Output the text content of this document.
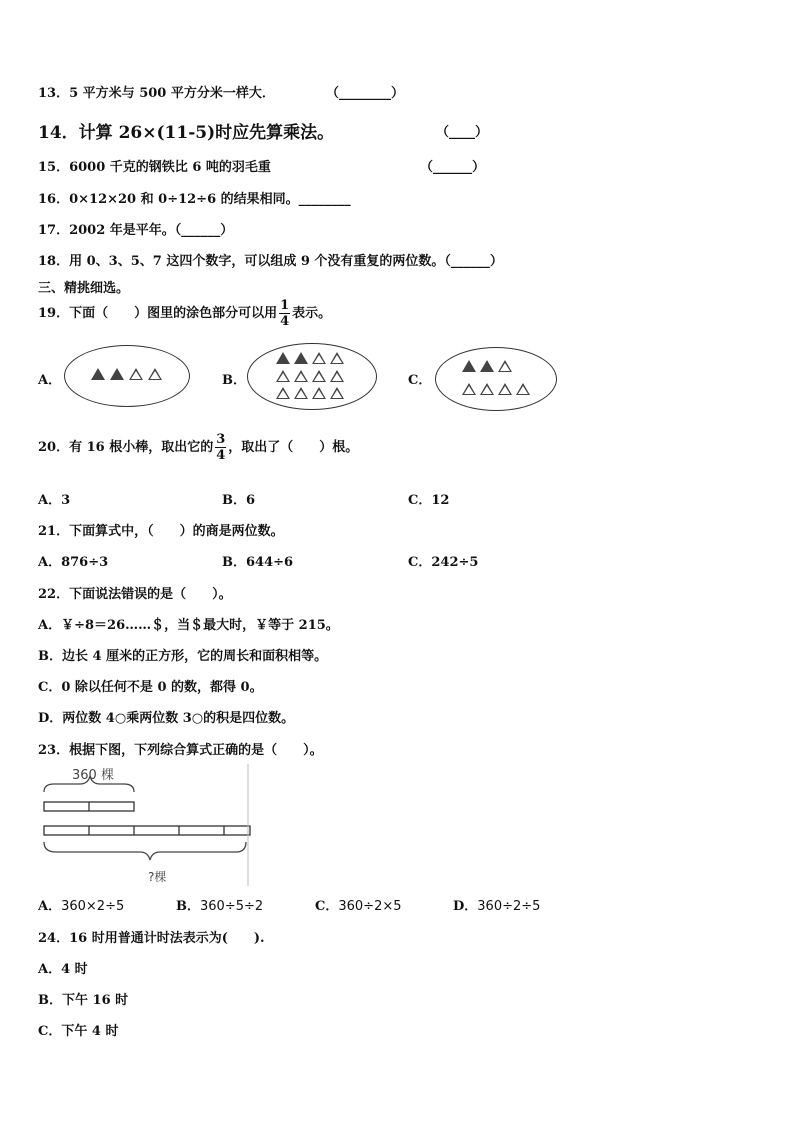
13．5 平方米与 500 平方分米一样大．	（________）
14．计算 26×(11-5)时应先算乘法。	（____）
15．6000 千克的钢铁比 6 吨的羽毛重	（______）
16．0×12×20 和 0÷12÷6 的结果相同。________
17．2002 年是平年。（______）
18．用 0、3、5、7 这四个数字，可以组成 9 个没有重复的两位数。（______）
三、精挑细选。
19．下面（　　）图里的涂色部分可以用 $\frac{1}{4}$ 表示。
A．	B．	C．
20．有 16 根小棒，取出它的 $\frac{3}{4}$ ，取出了（　　）根。
A．3	B．6	C．12
21．下面算式中，（　　）的商是两位数。
A．876÷3	B．644÷6	C．242÷5
22．下面说法错误的是（　　）。
A．￥÷8＝26……＄，当＄最大时，￥等于 215。
B．边长 4 厘米的正方形，它的周长和面积相等。
C．0 除以任何不是 0 的数，都得 0。
D．两位数 4○乘两位数 3○的积是四位数。
23．根据下图，下列综合算式正确的是（　　）。
360 棵
?棵
A．360×2÷5	B．360÷5÷2	C．360÷2×5	D．360÷2÷5
24．16 时用普通计时法表示为(　　).
A．4 时
B．下午 16 时
C．下午 4 时
